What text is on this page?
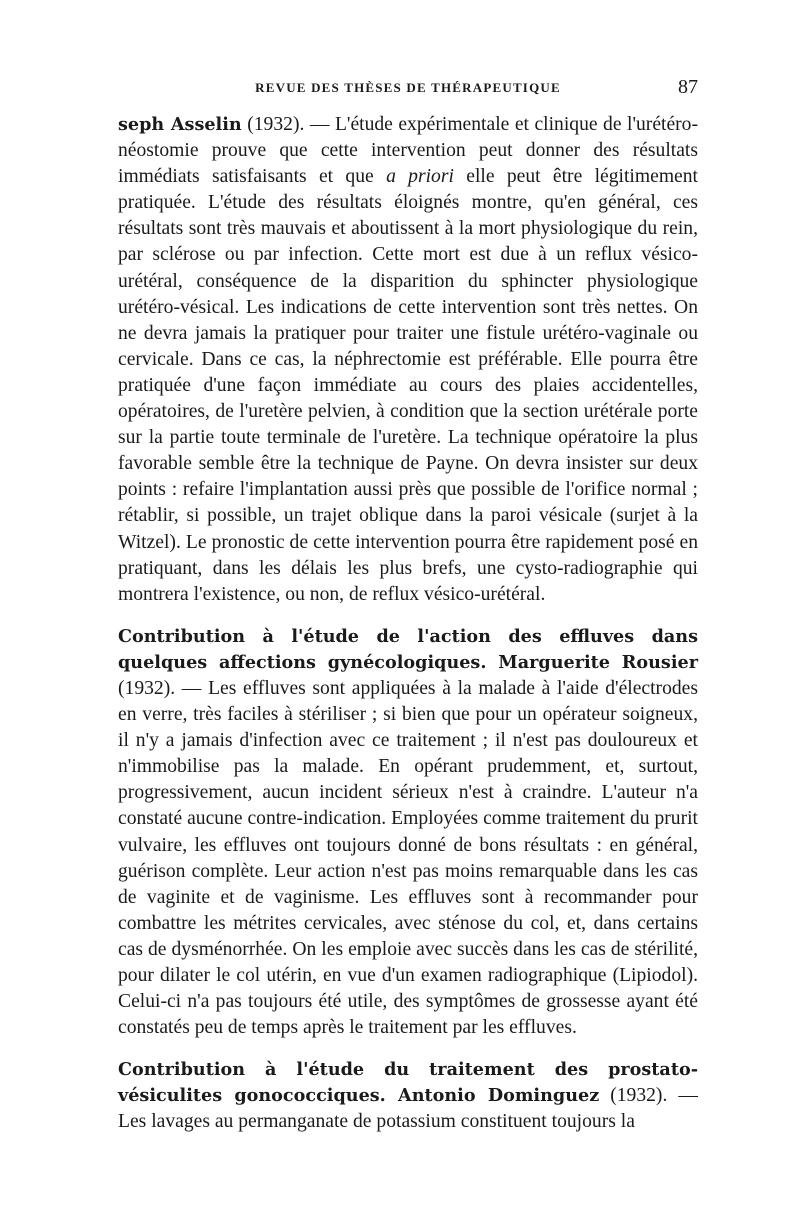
REVUE DES THÈSES DE THÉRAPEUTIQUE	87

seph Asselin (1932). — L'étude expérimentale et clinique de l'urétéro-néostomie prouve que cette intervention peut donner des résultats immédiats satisfaisants et que a priori elle peut être légitimement pratiquée. L'étude des résultats éloignés montre, qu'en général, ces résultats sont très mauvais et aboutissent à la mort physiologique du rein, par sclérose ou par infection. Cette mort est due à un reflux vésico-urétéral, conséquence de la disparition du sphincter physiologique urétéro-vésical. Les indications de cette intervention sont très nettes. On ne devra jamais la pratiquer pour traiter une fistule urétéro-vaginale ou cervicale. Dans ce cas, la néphrectomie est préférable. Elle pourra être pratiquée d'une façon immédiate au cours des plaies accidentelles, opératoires, de l'uretère pelvien, à condition que la section urétérale porte sur la partie toute terminale de l'uretère. La technique opératoire la plus favorable semble être la technique de Payne. On devra insister sur deux points : refaire l'implantation aussi près que possible de l'orifice normal ; rétablir, si possible, un trajet oblique dans la paroi vésicale (surjet à la Witzel). Le pronostic de cette intervention pourra être rapidement posé en pratiquant, dans les délais les plus brefs, une cysto-radiographie qui montrera l'existence, ou non, de reflux vésico-urétéral.

Contribution à l'étude de l'action des effluves dans quelques affections gynécologiques. Marguerite Rousier (1932). — Les effluves sont appliquées à la malade à l'aide d'électrodes en verre, très faciles à stériliser ; si bien que pour un opérateur soigneux, il n'y a jamais d'infection avec ce traitement ; il n'est pas douloureux et n'immobilise pas la malade. En opérant prudemment, et, surtout, progressivement, aucun incident sérieux n'est à craindre. L'auteur n'a constaté aucune contre-indication. Employées comme traitement du prurit vulvaire, les effluves ont toujours donné de bons résultats : en général, guérison complète. Leur action n'est pas moins remarquable dans les cas de vaginite et de vaginisme. Les effluves sont à recommander pour combattre les métrites cervicales, avec sténose du col, et, dans certains cas de dysménorrhée. On les emploie avec succès dans les cas de stérilité, pour dilater le col utérin, en vue d'un examen radiographique (Lipiodol). Celui-ci n'a pas toujours été utile, des symptômes de grossesse ayant été constatés peu de temps après le traitement par les effluves.

Contribution à l'étude du traitement des prostato-vésiculites gonococciques. Antonio Dominguez (1932). — Les lavages au permanganate de potassium constituent toujours la
